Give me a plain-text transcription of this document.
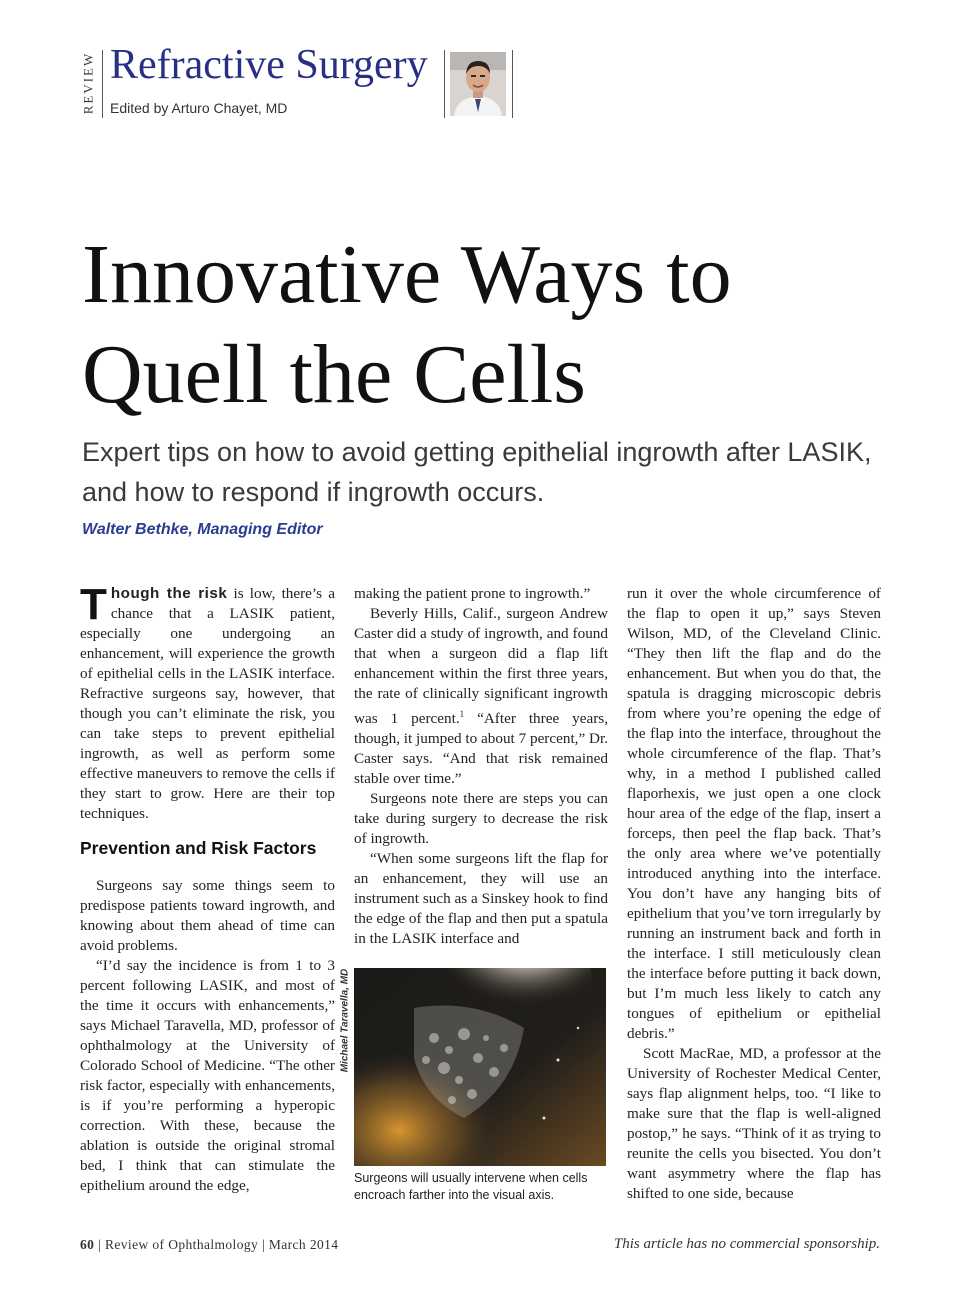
REVIEW Refractive Surgery
Edited by Arturo Chayet, MD
Innovative Ways to
Quell the Cells
Expert tips on how to avoid getting epithelial ingrowth after LASIK, and how to respond if ingrowth occurs.
Walter Bethke, Managing Editor

Though the risk is low, there’s a chance that a LASIK patient, especially one undergoing an enhancement, will experience the growth of epithelial cells in the LASIK interface. Refractive surgeons say, however, that though you can’t eliminate the risk, you can take steps to prevent epithelial ingrowth, as well as perform some effective maneuvers to remove the cells if they start to grow. Here are their top techniques.

Prevention and Risk Factors

Surgeons say some things seem to predispose patients toward ingrowth, and knowing about them ahead of time can avoid problems.

“I’d say the incidence is from 1 to 3 percent following LASIK, and most of the time it occurs with enhancements,” says Michael Taravella, MD, professor of ophthalmology at the University of Colorado School of Medicine. “The other risk factor, especially with enhancements, is if you’re performing a hyperopic correction. With these, because the ablation is outside the original stromal bed, I think that can stimulate the epithelium around the edge,

making the patient prone to ingrowth.”

Beverly Hills, Calif., surgeon Andrew Caster did a study of ingrowth, and found that when a surgeon did a flap lift enhancement within the first three years, the rate of clinically significant ingrowth was 1 percent.$^1$ “After three years, though, it jumped to about 7 percent,” Dr. Caster says. “And that risk remained stable over time.”

Surgeons note there are steps you can take during surgery to decrease the risk of ingrowth.

“When some surgeons lift the flap for an enhancement, they will use an instrument such as a Sinskey hook to find the edge of the flap and then put a spatula in the LASIK interface and

Michael Taravella, MD
Surgeons will usually intervene when cells encroach farther into the visual axis.

run it over the whole circumference of the flap to open it up,” says Steven Wilson, MD, of the Cleveland Clinic. “They then lift the flap and do the enhancement. But when you do that, the spatula is dragging microscopic debris from where you’re opening the edge of the flap into the interface, throughout the whole circumference of the flap. That’s why, in a method I published called flaporhexis, we just open a one clock hour area of the edge of the flap, insert a forceps, then peel the flap back. That’s the only area where we’ve potentially introduced anything into the interface. You don’t have any hanging bits of epithelium that you’ve torn irregularly by running an instrument back and forth in the interface. I still meticulously clean the interface before putting it back down, but I’m much less likely to catch any tongues of epithelium or epithelial debris.”

Scott MacRae, MD, a professor at the University of Rochester Medical Center, says flap alignment helps, too. “I like to make sure that the flap is well-aligned postop,” he says. “Think of it as trying to reunite the cells you bisected. You don’t want asymmetry where the flap has shifted to one side, because

60 | Review of Ophthalmology | March 2014	This article has no commercial sponsorship.
